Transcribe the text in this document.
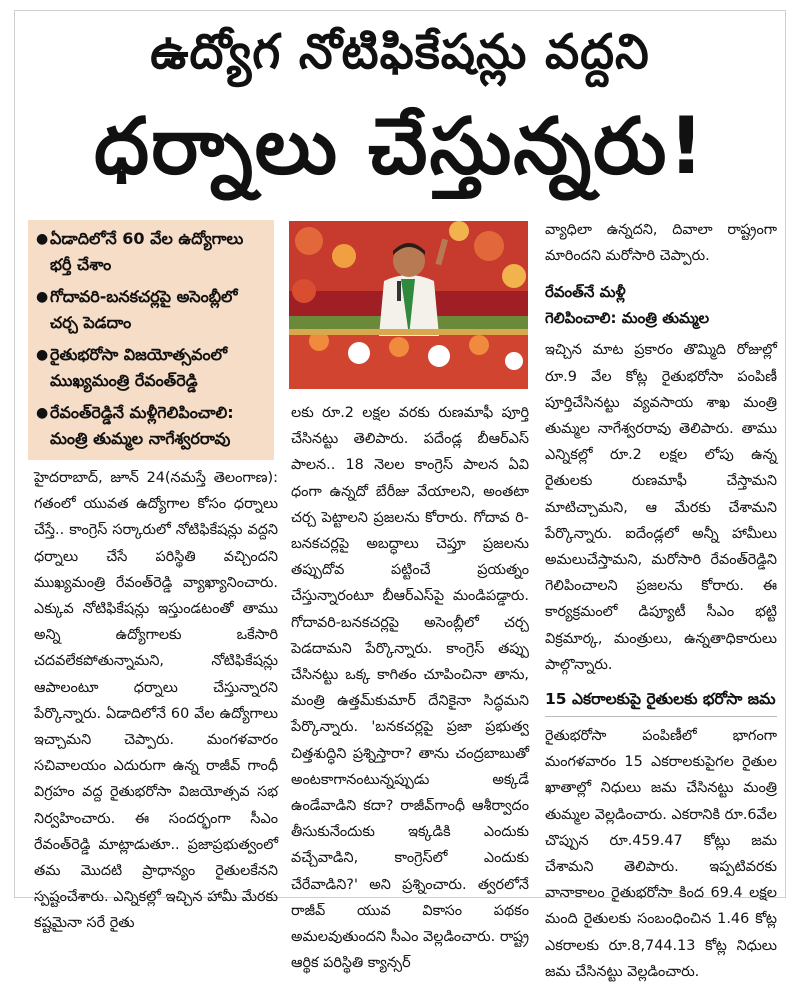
ఉద్యోగ నోటిఫికేషన్లు వద్దని
ధర్నాలు చేస్తున్నరు!
● ఏడాదిలోనే 60 వేల ఉద్యోగాలు భర్తీ చేశాం
● గోదావరి-బనకచర్లపై అసెంబ్లీలో చర్చ పెడదాం
● రైతుభరోసా విజయోత్సవంలో ముఖ్యమంత్రి రేవంత్‌రెడ్డి
● రేవంత్‌రెడ్డినే మళ్లీగెలిపించాలి: మంత్రి తుమ్మల నాగేశ్వరరావు

హైదరాబాద్, జూన్ 24(నమస్తే తెలంగాణ): గతంలో యువత ఉద్యోగాల కోసం ధర్నాలు చేస్తే.. కాంగ్రెస్ సర్కారులో నోటిఫికేషన్లు వద్దని ధర్నాలు చేసే పరిస్థితి వచ్చిందని ముఖ్యమంత్రి రేవంత్‌రెడ్డి వ్యాఖ్యానించారు. ఎక్కువ నోటిఫికేషన్లు ఇస్తుండటంతో తాము అన్ని ఉద్యోగాలకు ఒకేసారి చదవలేకపోతున్నామని, నోటిఫికేషన్లు ఆపాలంటూ ధర్నాలు చేస్తున్నారని పేర్కొన్నారు. ఏడాదిలోనే 60 వేల ఉద్యోగాలు ఇచ్చామని చెప్పారు. మంగళవారం సచివాలయం ఎదురుగా ఉన్న రాజీవ్ గాంధీ విగ్రహం వద్ద రైతుభరోసా విజయోత్సవ సభ నిర్వహించారు. ఈ సందర్భంగా సీఎం రేవంత్‌రెడ్డి మాట్లాడుతూ.. ప్రజాప్రభుత్వంలో తమ మొదటి ప్రాధాన్యం రైతులకేనని స్పష్టంచేశారు. ఎన్నికల్లో ఇచ్చిన హామీ మేరకు కష్టమైనా సరే రైతు

లకు రూ.2 లక్షల వరకు రుణమాఫీ పూర్తి చేసినట్టు తెలిపారు. పదేండ్ల బీఆర్‌ఎస్ పాలన.. 18 నెలల కాంగ్రెస్ పాలన ఏవి ధంగా ఉన్నదో బేరీజు వేయాలని, అంతటా చర్చ పెట్టాలని ప్రజలను కోరారు. గోదావ రి-బనకచర్లపై అబద్ధాలు చెప్తూ ప్రజలను తప్పుదోవ పట్టించే ప్రయత్నం చేస్తున్నారంటూ బీఆర్‌ఎస్‌పై మండిపడ్డారు. గోదావరి-బనకచర్లపై అసెంబ్లీలో చర్చ పెడదామని పేర్కొన్నారు. కాంగ్రెస్ తప్పు చేసినట్టు ఒక్క కాగితం చూపించినా తాను, మంత్రి ఉత్తమ్‌కుమార్ దేనికైనా సిద్ధమని పేర్కొన్నారు. 'బనకచర్లపై ప్రజా ప్రభుత్వ చిత్తశుద్ధిని ప్రశ్నిస్తారా? తాను చంద్రబాబుతో అంటకాగానంటున్నప్పుడు అక్కడే ఉండేవాడిని కదా? రాజీవ్‌గాంధీ ఆశీర్వాదం తీసుకునేందుకు ఇక్కడికి ఎందుకు వచ్చేవాడిని, కాంగ్రెస్‌లో ఎందుకు చేరేవాడిని?' అని ప్రశ్నించారు. త్వరలోనే రాజీవ్ యువ వికాసం పథకం అమలవుతుందని సీఎం వెల్లడించారు. రాష్ట్ర ఆర్థిక పరిస్థితి క్యాన్సర్

వ్యాధిలా ఉన్నదని, దివాలా రాష్ట్రంగా మారిందని మరోసారి చెప్పారు.

రేవంత్‌నే మళ్లీ
గెలిపించాలి: మంత్రి తుమ్మల

ఇచ్చిన మాట ప్రకారం తొమ్మిది రోజుల్లో రూ.9 వేల కోట్ల రైతుభరోసా పంపిణీ పూర్తిచేసినట్టు వ్యవసాయ శాఖ మంత్రి తుమ్మల నాగేశ్వరరావు తెలిపారు. తాము ఎన్నికల్లో రూ.2 లక్షల లోపు ఉన్న రైతులకు రుణమాఫీ చేస్తామని మాటిచ్చామని, ఆ మేరకు చేశామని పేర్కొన్నారు. ఐదేండ్లలో అన్నీ హామీలు అమలుచేస్తామని, మరోసారి రేవంత్‌రెడ్డిని గెలిపించాలని ప్రజలను కోరారు. ఈ కార్యక్రమంలో డిప్యూటీ సీఎం భట్టి విక్రమార్క, మంత్రులు, ఉన్నతాధికారులు పాల్గొన్నారు.

15 ఎకరాలకుపై రైతులకు భరోసా జమ

రైతుభరోసా పంపిణీలో భాగంగా మంగళవారం 15 ఎకరాలకుపైగల రైతుల ఖాతాల్లో నిధులు జమ చేసినట్టు మంత్రి తుమ్మల వెల్లడించారు. ఎకరానికి రూ.6వేల చొప్పున రూ.459.47 కోట్లు జమ చేశామని తెలిపారు. ఇప్పటివరకు వానాకాలం రైతుభరోసా కింద 69.4 లక్షల మంది రైతులకు సంబంధించిన 1.46 కోట్ల ఎకరాలకు రూ.8,744.13 కోట్ల నిధులు జమ చేసినట్టు వెల్లడించారు.
